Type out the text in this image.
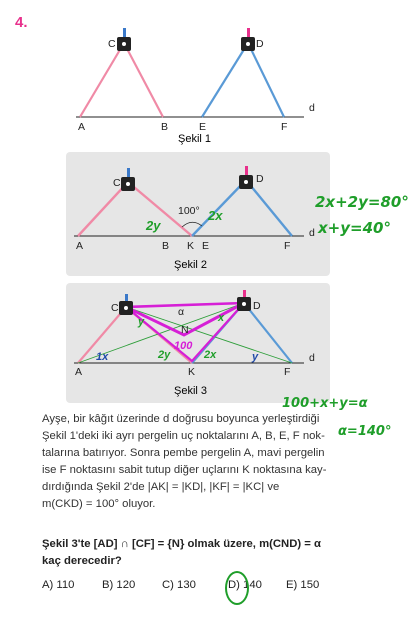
4.
d
A	B	E	F
C	D
Şekil 1
d
100°
A	B K E	F
C	D
2y
2x
Şekil 2
d
α
A	K	F
C	D
N
y	x
100
1x	2y	2x	y
Şekil 3
2x+2y=80°
x+y=40°
100+x+y=α
α=140°

Ayşe, bir kâğıt üzerinde d doğrusu boyunca yerleştirdiği

Şekil 1'deki iki ayrı pergelin uç noktalarını A, B, E, F nok-

talarına batırıyor. Sonra pembe pergelin A, mavi pergelin

ise F noktasını sabit tutup diğer uçlarını K noktasına kay-

dırdığında Şekil 2'de |AK| = |KD|, |KF| = |KC| ve

m(CKD) = 100° oluyor.

Şekil 3'te [AD] ∩ [CF] = {N} olmak üzere, m(CND) = α
kaç derecedir?
A) 110 B) 120 C) 130	D) 140 E) 150
